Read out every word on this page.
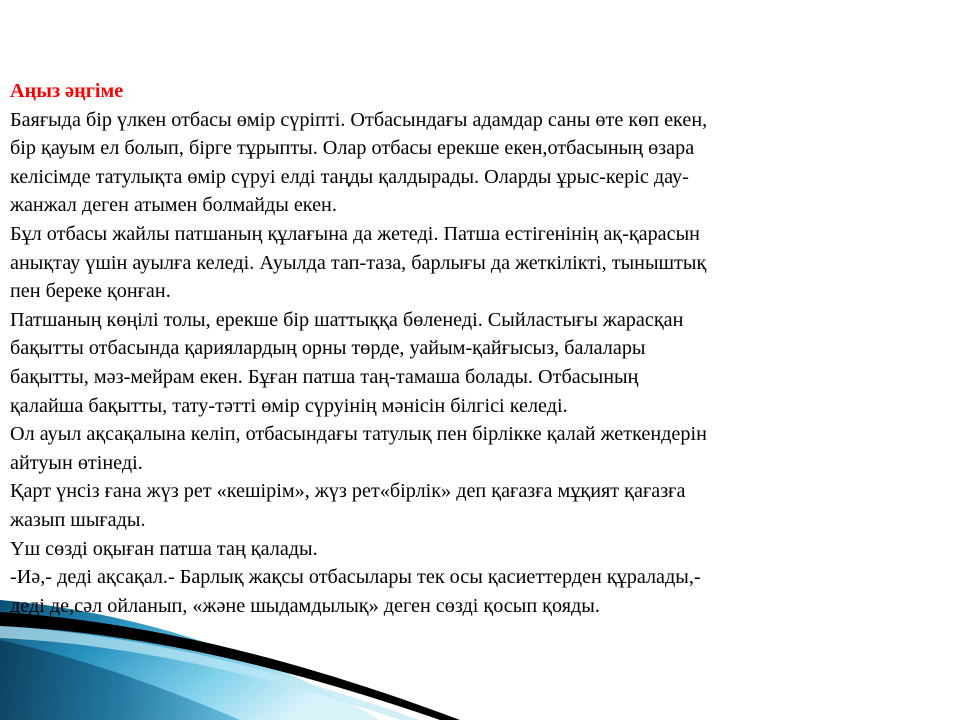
Аңыз әңгіме

Баяғыда бір үлкен отбасы өмір сүріпті. Отбасындағы адамдар саны өте көп екен,

бір қауым ел болып, бірге тұрыпты. Олар отбасы ерекше екен,отбасының өзара

келісімде татулықта өмір сүруі елді таңды қалдырады. Оларды ұрыс-керіс дау-

жанжал деген атымен болмайды екен.

Бұл отбасы жайлы патшаның құлағына да жетеді. Патша естігенінің ақ-қарасын

анықтау үшін ауылға келеді. Ауылда тап-таза, барлығы да жеткілікті, тыныштық

пен береке қонған.

Патшаның көңілі толы, ерекше бір шаттыққа бөленеді. Сыйластығы жарасқан

бақытты отбасында қариялардың орны төрде, уайым-қайғысыз, балалары

бақытты, мәз-мейрам екен. Бұған патша таң-тамаша болады. Отбасының

қалайша бақытты, тату-тәтті өмір сүруінің мәнісін білгісі келеді.

Ол ауыл ақсақалына келіп, отбасындағы татулық пен бірлікке қалай жеткендерін

айтуын өтінеді.

Қарт үнсіз ғана жүз рет «кешірім», жүз рет«бірлік» деп қағазға мұқият қағазға

жазып шығады.

Үш сөзді оқыған патша таң қалады.

-Иә,- деді ақсақал.- Барлық жақсы отбасылары тек осы қасиеттерден құралады,-

деді де,сәл ойланып, «және шыдамдылық» деген сөзді қосып қояды.
